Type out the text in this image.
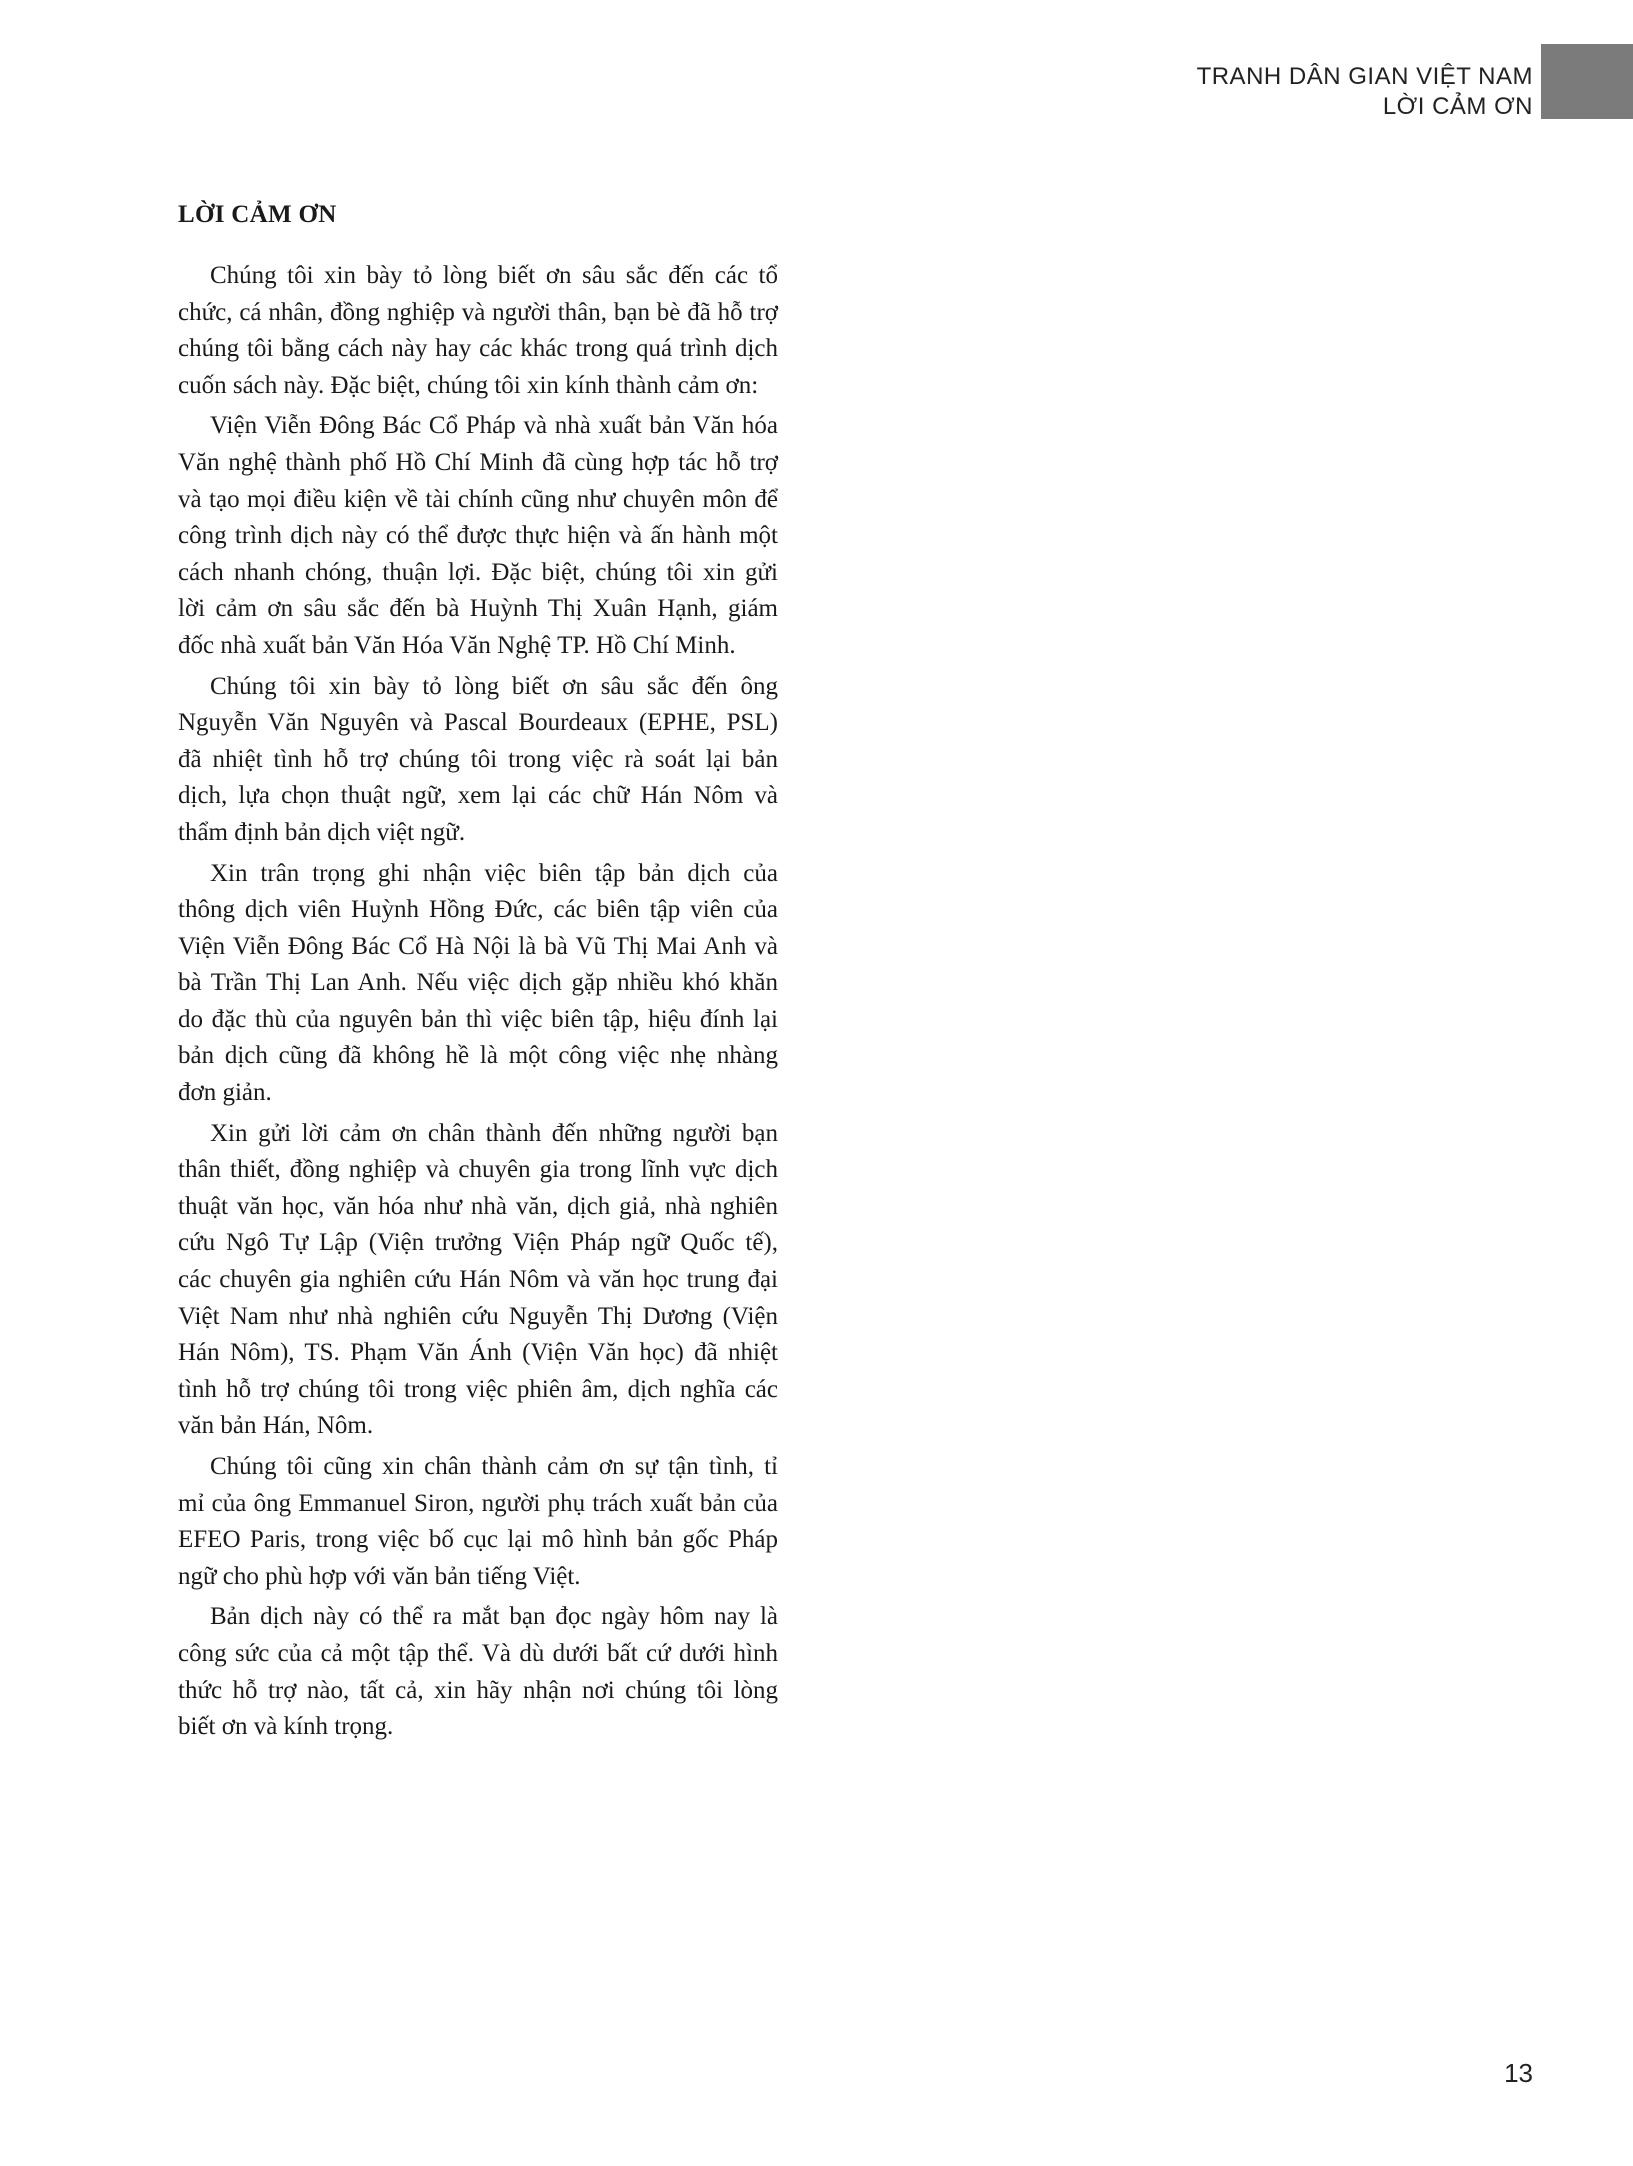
TRANH DÂN GIAN VIỆT NAM
LỜI CẢM ƠN
LỜI CẢM ƠN

Chúng tôi xin bày tỏ lòng biết ơn sâu sắc đến các tổ
chức, cá nhân, đồng nghiệp và người thân, bạn bè đã hỗ trợ
chúng tôi bằng cách này hay các khác trong quá trình dịch
cuốn sách này. Đặc biệt, chúng tôi xin kính thành cảm ơn:

Viện Viễn Đông Bác Cổ Pháp và nhà xuất bản Văn hóa
Văn nghệ thành phố Hồ Chí Minh đã cùng hợp tác hỗ trợ
và tạo mọi điều kiện về tài chính cũng như chuyên môn để
công trình dịch này có thể được thực hiện và ấn hành một
cách nhanh chóng, thuận lợi. Đặc biệt, chúng tôi xin gửi
lời cảm ơn sâu sắc đến bà Huỳnh Thị Xuân Hạnh, giám
đốc nhà xuất bản Văn Hóa Văn Nghệ TP. Hồ Chí Minh.

Chúng tôi xin bày tỏ lòng biết ơn sâu sắc đến ông
Nguyễn Văn Nguyên và Pascal Bourdeaux (EPHE, PSL)
đã nhiệt tình hỗ trợ chúng tôi trong việc rà soát lại bản
dịch, lựa chọn thuật ngữ, xem lại các chữ Hán Nôm và
thẩm định bản dịch việt ngữ.

Xin trân trọng ghi nhận việc biên tập bản dịch của
thông dịch viên Huỳnh Hồng Đức, các biên tập viên của
Viện Viễn Đông Bác Cổ Hà Nội là bà Vũ Thị Mai Anh và
bà Trần Thị Lan Anh. Nếu việc dịch gặp nhiều khó khăn
do đặc thù của nguyên bản thì việc biên tập, hiệu đính lại
bản dịch cũng đã không hề là một công việc nhẹ nhàng
đơn giản.

Xin gửi lời cảm ơn chân thành đến những người bạn
thân thiết, đồng nghiệp và chuyên gia trong lĩnh vực dịch
thuật văn học, văn hóa như nhà văn, dịch giả, nhà nghiên
cứu Ngô Tự Lập (Viện trưởng Viện Pháp ngữ Quốc tế),
các chuyên gia nghiên cứu Hán Nôm và văn học trung đại
Việt Nam như nhà nghiên cứu Nguyễn Thị Dương (Viện
Hán Nôm), TS. Phạm Văn Ánh (Viện Văn học) đã nhiệt
tình hỗ trợ chúng tôi trong việc phiên âm, dịch nghĩa các
văn bản Hán, Nôm.

Chúng tôi cũng xin chân thành cảm ơn sự tận tình, tỉ
mỉ của ông Emmanuel Siron, người phụ trách xuất bản của
EFEO Paris, trong việc bố cục lại mô hình bản gốc Pháp
ngữ cho phù hợp với văn bản tiếng Việt.

Bản dịch này có thể ra mắt bạn đọc ngày hôm nay là
công sức của cả một tập thể. Và dù dưới bất cứ dưới hình
thức hỗ trợ nào, tất cả, xin hãy nhận nơi chúng tôi lòng
biết ơn và kính trọng.

13
